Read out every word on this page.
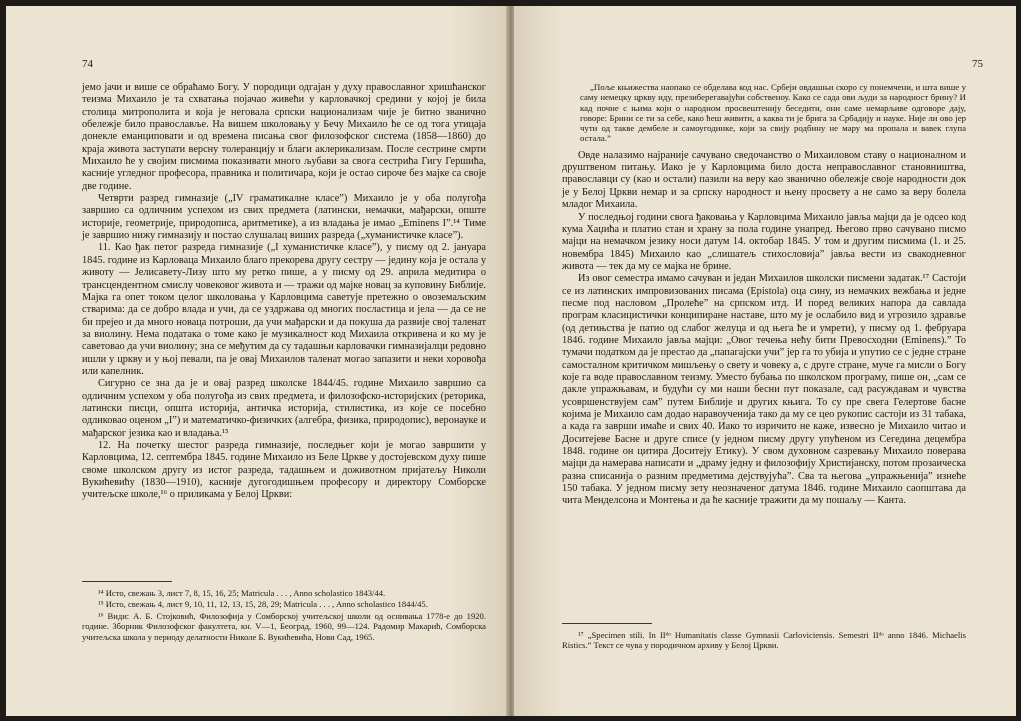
74

јемо јачи и више се обраћамо Богу. У породици одгајан у духу православног хришћанског теизма Михаило је та схватања појачао живећи у карловачкој средини у којој је била столица митрополита и која је неговала српски национализам чије је битно званично обележје било православље. На вишем школовању у Бечу Михаило ће се од тога утицаја донекле еманциповати и од времена писања свог филозофског система (1858—1860) до краја живота заступати версну толеранцију и благи аклерикализам. После сестрине смрти Михаило ће у својим писмима показивати много љубави за свога сестрића Гигу Гершића, касније угледног професора, правника и политичара, који је остао сироче без мајке са своје две године.

Четврти разред гимназије („IV граматикалне класе”) Михаило је у оба полугођа завршио са одличним успехом из свих предмета (латински, немачки, мађарски, опште историје, геометрије, природописа, аритметике), а из владања је имао „Eminens I”.¹⁴ Тиме је завршио нижу гимназију и постао слушалац виших разреда („хуманистичке класе”).

11. Као ђак петог разреда гимназије („I хуманистичке класе”), у писму од 2. јануара 1845. године из Карловаца Михаило благо прекорева другу сестру — једину која је остала у животу — Јелисавету-Лизу што му ретко пише, а у писму од 29. априла медитира о трансцендентном смислу човековог живота и — тражи од мајке новац за куповину Библије. Мајка га опет током целог школовања у Карловцима саветује претежно о овоземаљским стварима: да се добро влада и учи, да се уздржава од многих посластица и јела — да се не би прејео и да много новаца потроши, да учи мађарски и да покуша да развије свој таленат за виолину. Нема података о томе како је музикалност код Михаила откривена и ко му је саветовао да учи виолину; зна се међутим да су тадашњи карловачки гимназијалци редовно ишли у цркву и у њој певали, па је овај Михаилов таленат могао запазити и неки хоровођа или капелник.

Сигурно се зна да је и овај разред школске 1844/45. године Михаило завршио са одличним успехом у оба полугођа из свих предмета, и филозофско-историјских (реторика, латински писци, општа историја, античка историја, стилистика, из које се посебно одликовао оценом „I”) и математичко-физичких (алгебра, физика, природопис), веронауке и мађарског језика као и владања.¹⁵

12. На почетку шестог разреда гимназије, последњег који је могао завршити у Карловцима, 12. септембра 1845. године Михаило из Беле Цркве у достојевском духу пише своме школском другу из истог разреда, тадашњем и доживотном пријатељу Николи Вукићевићу (1830—1910), касније дугогодишњем професору и директору Сомборске учитељске школе,¹⁶ о приликама у Белој Цркви:

¹⁴ Исто, свежањ 3, лист 7, 8, 15, 16, 25; Matricula . . . , Anno scholastico 1843/44.

¹⁵ Исто, свежањ 4, лист 9, 10, 11, 12, 13, 15, 28, 29; Matricula . . . , Anno scholastico 1844/45.

¹⁶ Види: А. Б. Стојковић, Филозофија у Сомборској учитељској школи од оснивања 1778-е до 1920. године. Зборник Филозофског факултета, кн. V—1, Београд, 1960, 99—124. Радомир Макарић, Сомборска учитељска школа у периоду делатности Николе Б. Вукићевића, Нови Сад, 1965.

75

„Поље књижества наопако се обделава код нас. Србеји овдашњи скоро су понемчени, и шта више у саму немецку цркву иду, презиберегавајући собственоу. Како се сада ови људи за народност брину? И кад почне с њима који о народном просвештенију беседити, они саме немарљиве одговоре дају, говоре: Брини се ти за себе, како ћеш живити, а каква ти је брига за Србадију и науке. Није ли ово јер чути од такве дембеле и самоугодинке, који за свију родбину не мару ма пропала и вавек глупа остала.”

Овде налазимо најраније сачувано сведочанство о Михаиловом ставу о националном и друштвеном питању. Иако је у Карловцима било доста неправославног становништва, православци су (као и остали) пазили на веру као званично обележје своје народности док је у Белој Цркви немар и за српску народност и њену просвету а не само за веру болела младог Михаила.

У последњој години свога ђаковања у Карловцима Михаило јавља мајци да је одсео код кума Хаџића и платио стан и храну за пола године унапред. Његово прво сачувано писмо мајци на немачком језику носи датум 14. октобар 1845. У том и другим писмима (1. и 25. новембра 1845) Михаило као „слишатељ стихословија” јавља вести из свакодневног живота — тек да му се мајка не брине.

Из овог семестра имамо сачуван и један Михаилов школски писмени задатак.¹⁷ Састоји се из латинских импровизованих писама (Epistola) оца сину, из немачких вежбања и једне песме под насловом „Пролеће” на српском итд. И поред великих напора да савлада програм класицистички конципиране наставе, што му је ослабило вид и угрозило здравље (од детињства је патио од слабог желуца и од њега ће и умрети), у писму од 1. фебруара 1846. године Михаило јавља мајци: „Овог течења нећу бити Превосходни (Eminens).” То тумачи податком да је престао да „папагајски учи” јер га то убија и упутио се с једне стране самосталном критичком мишљењу о свету и човеку а, с друге стране, муче га мисли о Богу које га воде православном теизму. Уместо бубања по школском програму, пише он, „сам се дакле упражњавам, и будући су ми наши бесни пут показале, сад расуждавам и чувства усовршенствујем сам” путем Библије и других књига. То су пре свега Гелертове басне којима је Михаило сам додао наравоученија тако да му се цео рукопис састоји из 31 табака, а када га заврши имаће и свих 40. Иако то изричито не каже, извесно је Михаило читао и Доситејеве Басне и друге списе (у једном писму другу упућеном из Сегедина децембра 1848. године он цитира Доситеју Етику). У свом духовном сазревању Михаило поверава мајци да намерава написати и „драму једну и филозофију Христијанску, потом прозаическа разна списанија о разним предметима дејствујућа”. Сва та његова „упражњенија” изнеће 150 табака. У једном писму зету неозначеног датума 1846. године Михаило саопштава да чита Менделсона и Монтења и да ће касније тражити да му пошаљу — Канта.

¹⁷ „Specimen stili. In IIᵈᵒ Humanitatis classe Gymnasii Carloviciensis. Semestri IIᵈᵒ anno 1846. Michaelis Ristics.” Текст се чува у породичном архиву у Белој Цркви.
